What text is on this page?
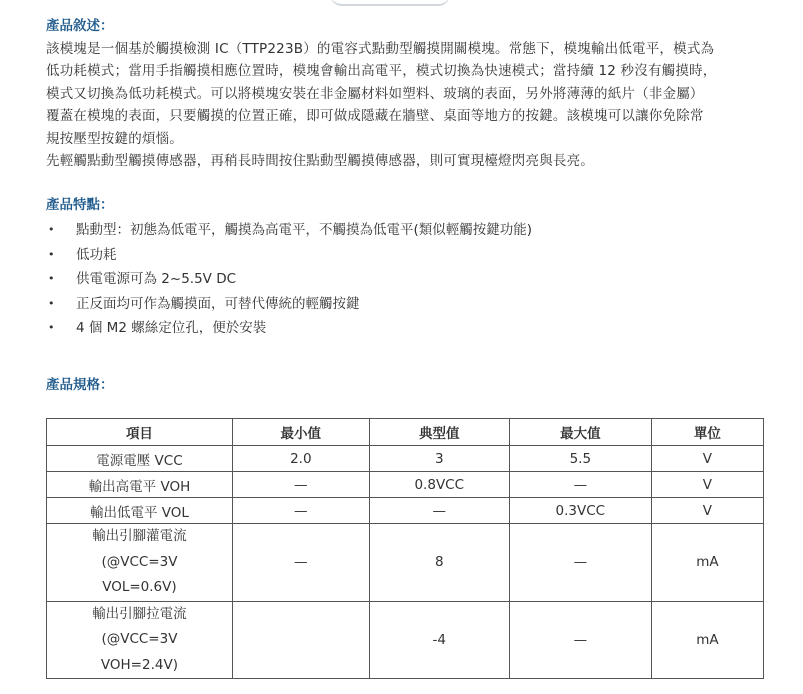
產品敘述：

該模塊是一個基於觸摸檢測 IC（TTP223B）的電容式點動型觸摸開關模塊。常態下，模塊輸出低電平，模式為

低功耗模式；當用手指觸摸相應位置時，模塊會輸出高電平，模式切換為快速模式；當持續 12 秒沒有觸摸時，

模式又切換為低功耗模式。可以將模塊安裝在非金屬材料如塑料、玻璃的表面，另外將薄薄的紙片（非金屬）

覆蓋在模塊的表面，只要觸摸的位置正確，即可做成隱藏在牆壁、桌面等地方的按鍵。該模塊可以讓你免除常

規按壓型按鍵的煩惱。

先輕觸點動型觸摸傳感器，再稍長時間按住點動型觸摸傳感器，則可實現檯燈閃亮與長亮。

產品特點：
• 點動型：初態為低電平，觸摸為高電平，不觸摸為低電平(類似輕觸按鍵功能)
• 低功耗
• 供電電源可為 2~5.5V DC
• 正反面均可作為觸摸面，可替代傳統的輕觸按鍵
• 4 個 M2 螺絲定位孔，便於安裝
產品規格：
項目	最小值	典型值	最大值	單位
電源電壓 VCC	2.0	3	5.5	V
輸出高電平 VOH	—	0.8VCC	—	V
輸出低電平 VOL	—	—	0.3VCC	V

輸出引腳灌電流
(@VCC=3V
VOL=0.6V)	—	8	—	mA

輸出引腳拉電流
(@VCC=3V
VOH=2.4V)		-4	—	mA
